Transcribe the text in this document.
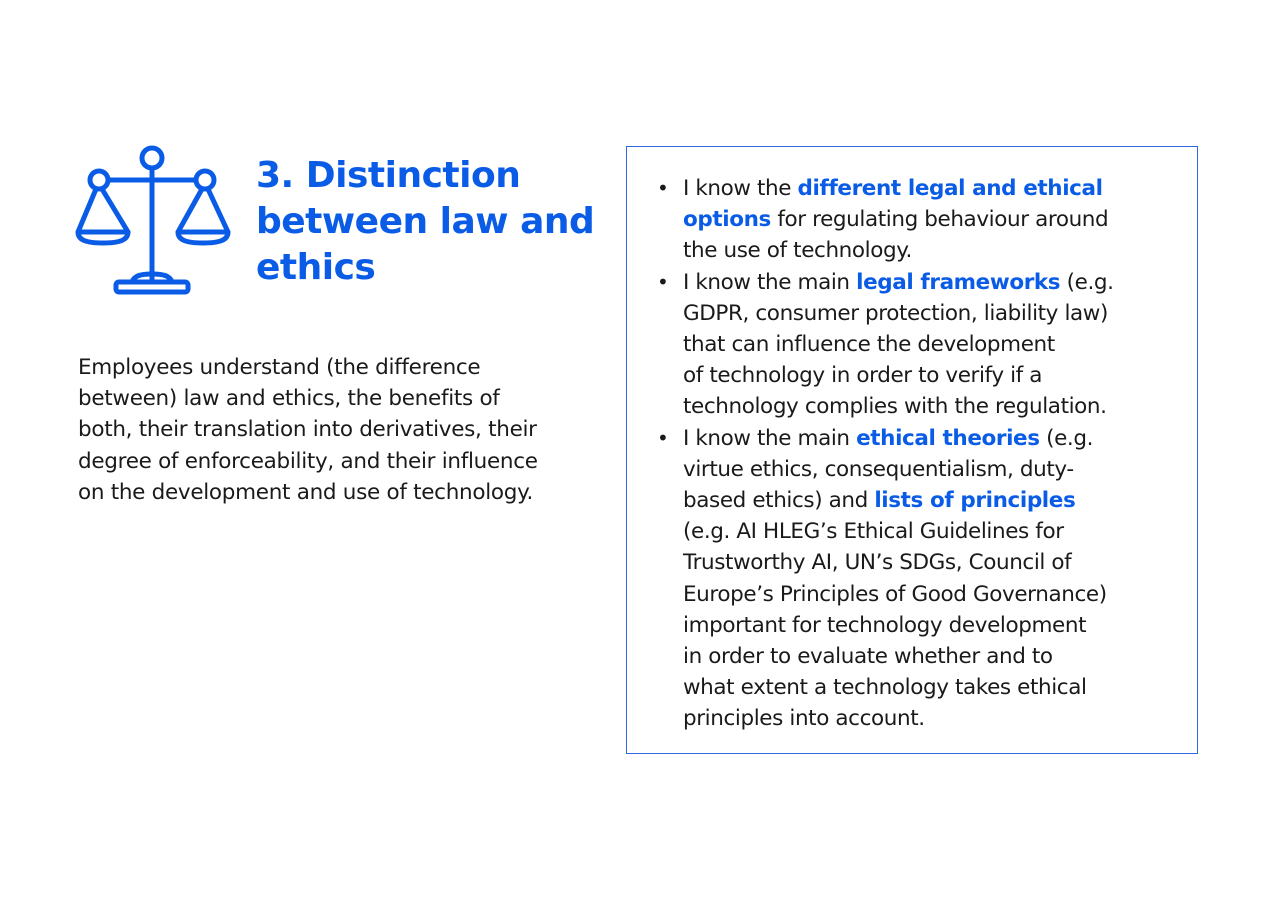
3. Distinction
between law and
ethics

Employees understand (the difference
between) law and ethics, the benefits of
both, their translation into derivatives, their
degree of enforceability, and their influence
on the development and use of technology.

• I know the different legal and ethical
options for regulating behaviour around
the use of technology.
• I know the main legal frameworks (e.g.
GDPR, consumer protection, liability law)
that can influence the development
of technology in order to verify if a
technology complies with the regulation.
• I know the main ethical theories (e.g.
virtue ethics, consequentialism, duty-
based ethics) and lists of principles
(e.g. AI HLEG’s Ethical Guidelines for
Trustworthy AI, UN’s SDGs, Council of
Europe’s Principles of Good Governance)
important for technology development
in order to evaluate whether and to
what extent a technology takes ethical
principles into account.
